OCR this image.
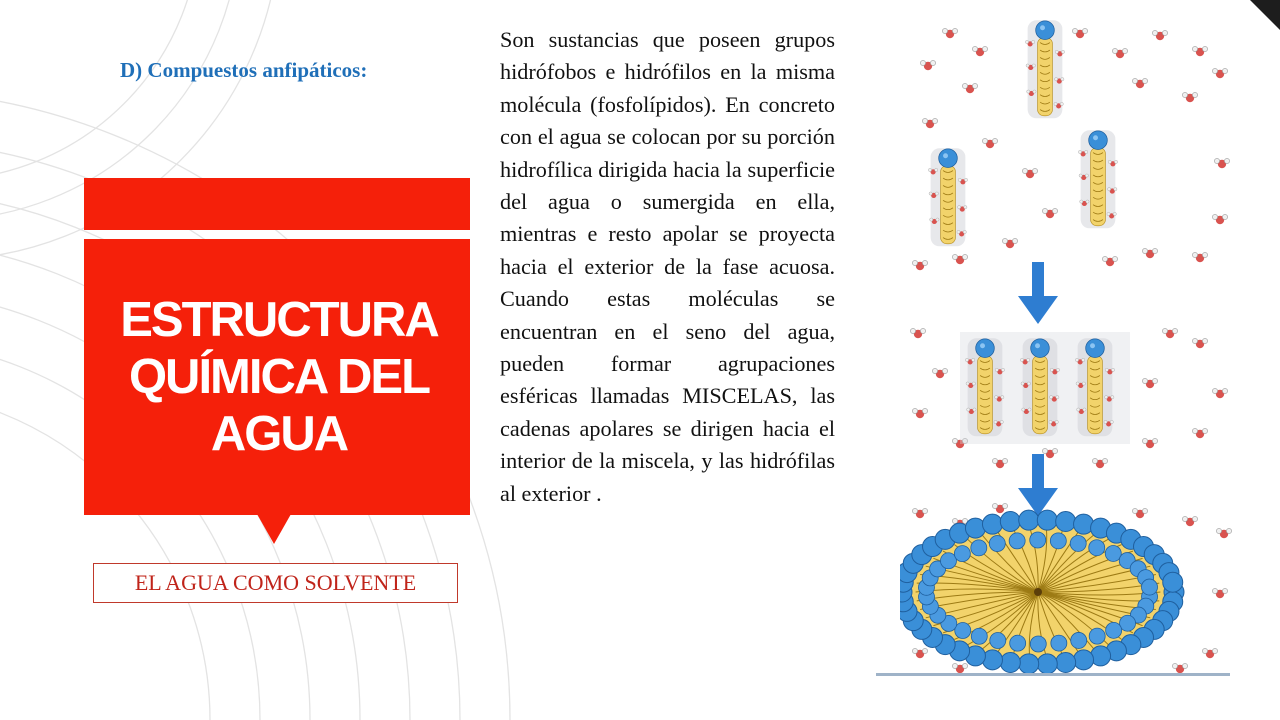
D) Compuestos anfipáticos:
ESTRUCTURA QUÍMICA DEL AGUA
EL AGUA COMO SOLVENTE

Son sustancias que poseen grupos hidrófobos e hidrófilos en la misma molécula (fosfolípidos). En concreto con el agua se colocan por su porción hidrofílica dirigida hacia la superficie del agua o sumergida en ella, mientras e resto apolar se proyecta hacia el exterior de la fase acuosa. Cuando estas moléculas se encuentran en el seno del agua, pueden formar agrupaciones esféricas llamadas MISCELAS, las cadenas apolares se dirigen hacia el interior de la miscela, y las hidrófilas al exterior .
